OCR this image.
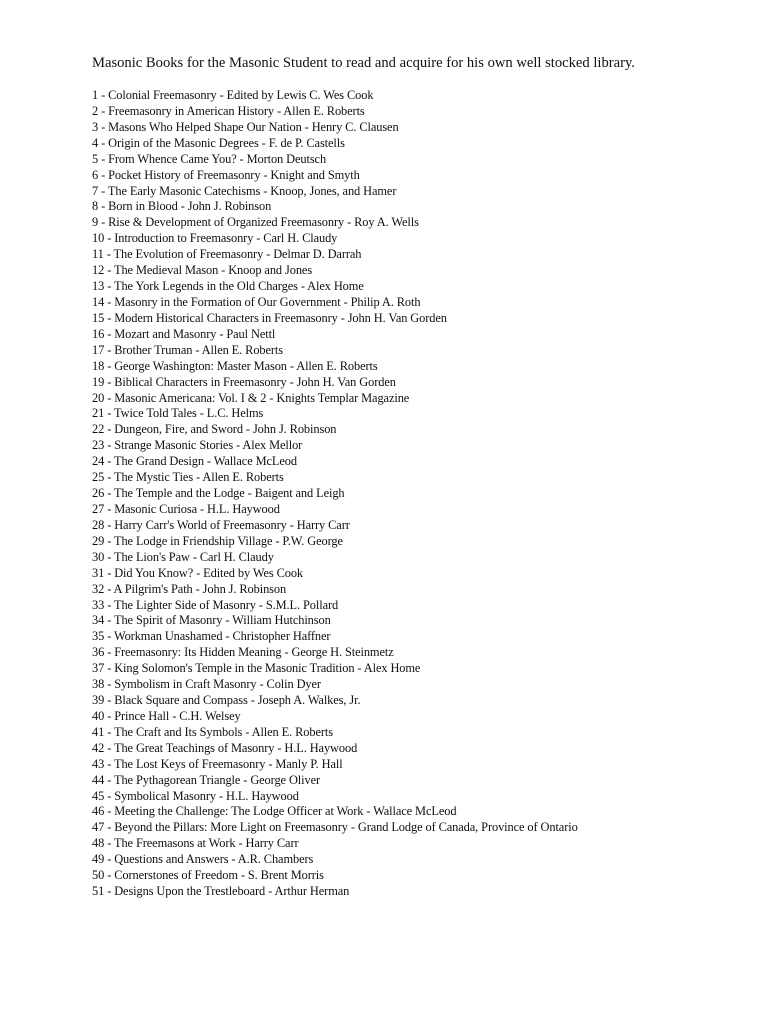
Masonic Books for the Masonic Student to read and acquire for his own well stocked library.

1 - Colonial Freemasonry - Edited by Lewis C. Wes Cook
2 - Freemasonry in American History - Allen E. Roberts
3 - Masons Who Helped Shape Our Nation - Henry C. Clausen
4 - Origin of the Masonic Degrees - F. de P. Castells
5 - From Whence Came You? - Morton Deutsch
6 - Pocket History of Freemasonry - Knight and Smyth
7 - The Early Masonic Catechisms - Knoop, Jones, and Hamer
8 - Born in Blood - John J. Robinson
9 - Rise & Development of Organized Freemasonry - Roy A. Wells
10 - Introduction to Freemasonry - Carl H. Claudy
11 - The Evolution of Freemasonry - Delmar D. Darrah
12 - The Medieval Mason - Knoop and Jones
13 - The York Legends in the Old Charges - Alex Home
14 - Masonry in the Formation of Our Government - Philip A. Roth
15 - Modern Historical Characters in Freemasonry - John H. Van Gorden
16 - Mozart and Masonry - Paul Nettl
17 - Brother Truman - Allen E. Roberts
18 - George Washington: Master Mason - Allen E. Roberts
19 - Biblical Characters in Freemasonry - John H. Van Gorden
20 - Masonic Americana: Vol. I & 2 - Knights Templar Magazine
21 - Twice Told Tales - L.C. Helms
22 - Dungeon, Fire, and Sword - John J. Robinson
23 - Strange Masonic Stories - Alex Mellor
24 - The Grand Design - Wallace McLeod
25 - The Mystic Ties - Allen E. Roberts
26 - The Temple and the Lodge - Baigent and Leigh
27 - Masonic Curiosa - H.L. Haywood
28 - Harry Carr's World of Freemasonry - Harry Carr
29 - The Lodge in Friendship Village - P.W. George
30 - The Lion's Paw - Carl H. Claudy
31 - Did You Know? - Edited by Wes Cook
32 - A Pilgrim's Path - John J. Robinson
33 - The Lighter Side of Masonry - S.M.L. Pollard
34 - The Spirit of Masonry - William Hutchinson
35 - Workman Unashamed - Christopher Haffner
36 - Freemasonry: Its Hidden Meaning - George H. Steinmetz
37 - King Solomon's Temple in the Masonic Tradition - Alex Home
38 - Symbolism in Craft Masonry - Colin Dyer
39 - Black Square and Compass - Joseph A. Walkes, Jr.
40 - Prince Hall - C.H. Welsey
41 - The Craft and Its Symbols - Allen E. Roberts
42 - The Great Teachings of Masonry - H.L. Haywood
43 - The Lost Keys of Freemasonry - Manly P. Hall
44 - The Pythagorean Triangle - George Oliver
45 - Symbolical Masonry - H.L. Haywood
46 - Meeting the Challenge: The Lodge Officer at Work - Wallace McLeod
47 - Beyond the Pillars: More Light on Freemasonry - Grand Lodge of Canada, Province of Ontario
48 - The Freemasons at Work - Harry Carr
49 - Questions and Answers - A.R. Chambers
50 - Cornerstones of Freedom - S. Brent Morris
51 - Designs Upon the Trestleboard - Arthur Herman
